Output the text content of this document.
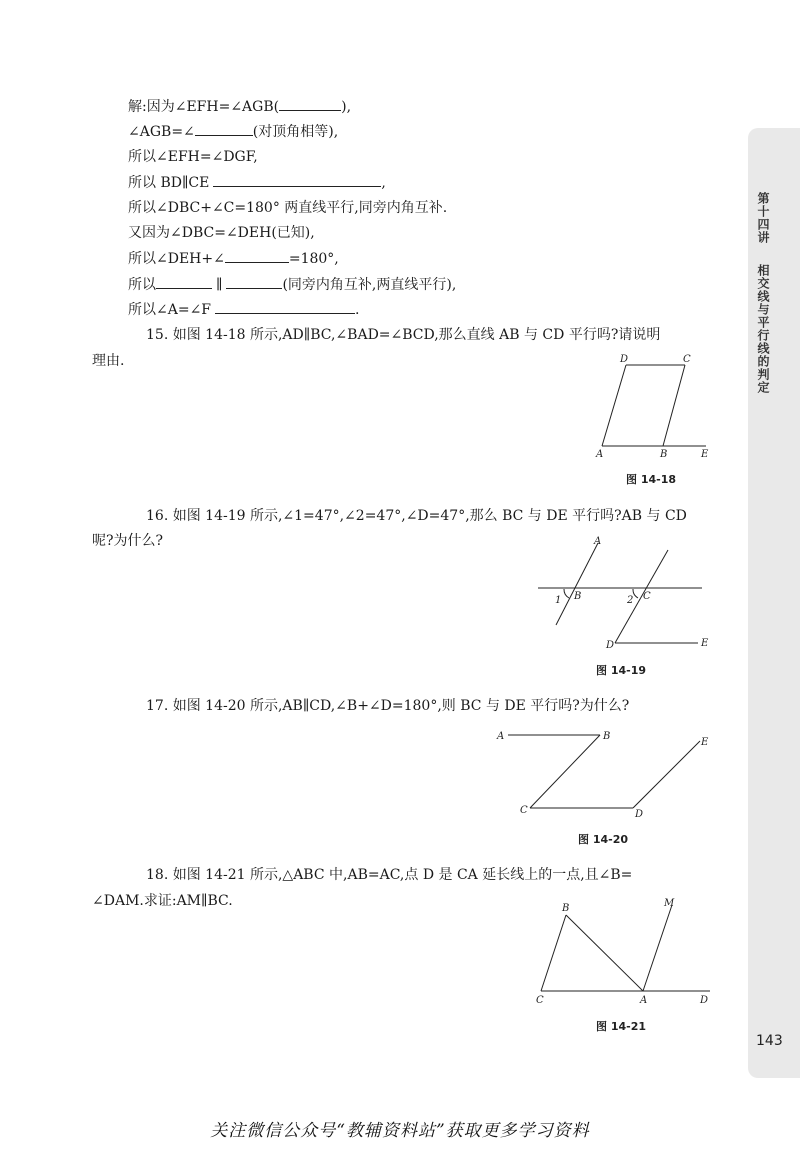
第十四讲  相交线与平行线的判定
解:因为∠EFH=∠AGB(	),
∠AGB=∠	(对顶角相等),
所以∠EFH=∠DGF,
所以 BD∥CE	,
所以∠DBC+∠C=180° 两直线平行,同旁内角互补.
又因为∠DBC=∠DEH(已知),
所以∠DEH+∠	=180°,
所以	∥	(同旁内角互补,两直线平行),
所以∠A=∠F	.
15. 如图 14-18 所示,AD∥BC,∠BAD=∠BCD,那么直线 AB 与 CD 平行吗?请说明
理由.	D	C
A	B	E
图 14-18
16. 如图 14-19 所示,∠1=47°,∠2=47°,∠D=47°,那么 BC 与 DE 平行吗?AB 与 CD
呢?为什么?	A
B	C
D	E
1	2
图 14-19
17. 如图 14-20 所示,AB∥CD,∠B+∠D=180°,则 BC 与 DE 平行吗?为什么?
A	B
C	D
E
图 14-20
18. 如图 14-21 所示,△ABC 中,AB=AC,点 D 是 CA 延长线上的一点,且∠B=
∠DAM.求证:AM∥BC.	B	M
C	A	D
图 14-21
143
关注微信公众号“教辅资料站”获取更多学习资料
